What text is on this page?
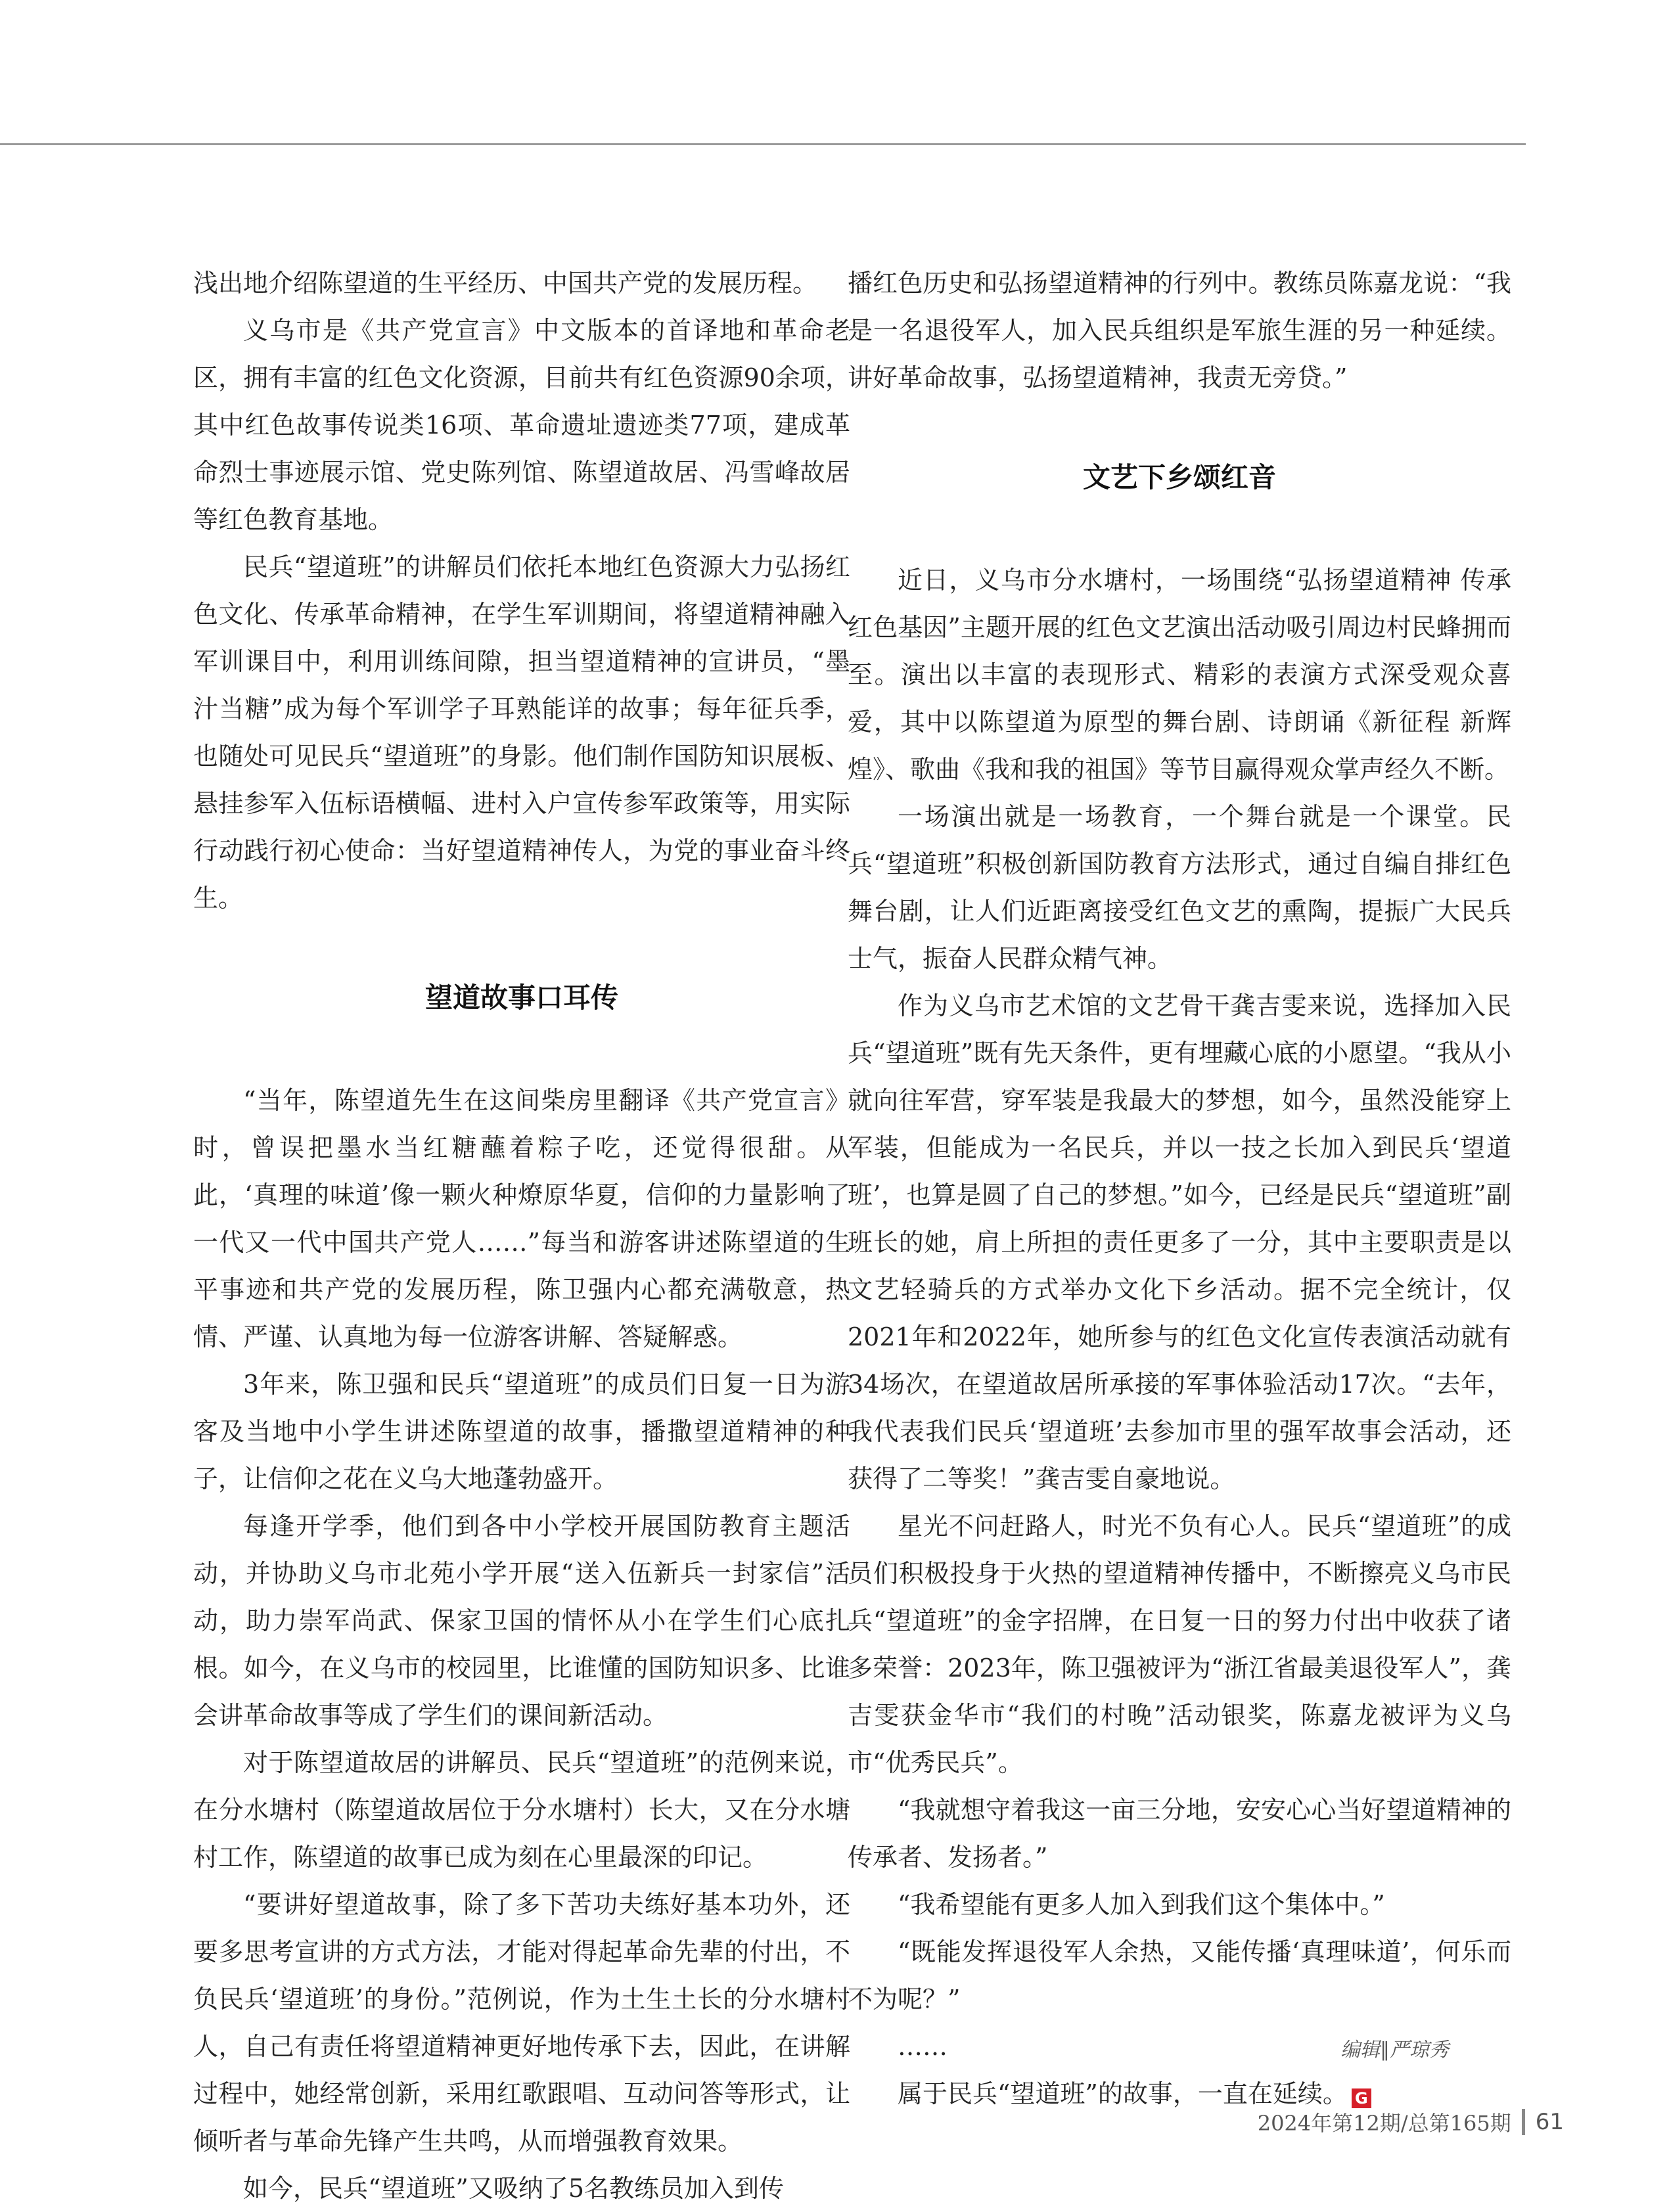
浅出地介绍陈望道的生平经历、中国共产党的发展历程。

义乌市是《共产党宣言》中文版本的首译地和革命老区，拥有丰富的红色文化资源，目前共有红色资源90余项，其中红色故事传说类16项、革命遗址遗迹类77项，建成革命烈士事迹展示馆、党史陈列馆、陈望道故居、冯雪峰故居等红色教育基地。

民兵“望道班”的讲解员们依托本地红色资源大力弘扬红色文化、传承革命精神，在学生军训期间，将望道精神融入军训课目中，利用训练间隙，担当望道精神的宣讲员，“墨汁当糖”成为每个军训学子耳熟能详的故事；每年征兵季，也随处可见民兵“望道班”的身影。他们制作国防知识展板、悬挂参军入伍标语横幅、进村入户宣传参军政策等，用实际行动践行初心使命：当好望道精神传人，为党的事业奋斗终生。

望道故事口耳传

“当年，陈望道先生在这间柴房里翻译《共产党宣言》时，曾误把墨水当红糖蘸着粽子吃，还觉得很甜。从此，‘真理的味道’像一颗火种燎原华夏，信仰的力量影响了一代又一代中国共产党人……”每当和游客讲述陈望道的生平事迹和共产党的发展历程，陈卫强内心都充满敬意，热情、严谨、认真地为每一位游客讲解、答疑解惑。

3年来，陈卫强和民兵“望道班”的成员们日复一日为游客及当地中小学生讲述陈望道的故事，播撒望道精神的种子，让信仰之花在义乌大地蓬勃盛开。

每逢开学季，他们到各中小学校开展国防教育主题活动，并协助义乌市北苑小学开展“送入伍新兵一封家信”活动，助力崇军尚武、保家卫国的情怀从小在学生们心底扎根。如今，在义乌市的校园里，比谁懂的国防知识多、比谁会讲革命故事等成了学生们的课间新活动。

对于陈望道故居的讲解员、民兵“望道班”的范例来说，在分水塘村（陈望道故居位于分水塘村）长大，又在分水塘村工作，陈望道的故事已成为刻在心里最深的印记。

“要讲好望道故事，除了多下苦功夫练好基本功外，还要多思考宣讲的方式方法，才能对得起革命先辈的付出，不负民兵‘望道班’的身份。”范例说，作为土生土长的分水塘村人，自己有责任将望道精神更好地传承下去，因此，在讲解过程中，她经常创新，采用红歌跟唱、互动问答等形式，让倾听者与革命先锋产生共鸣，从而增强教育效果。

如今，民兵“望道班”又吸纳了5名教练员加入到传

播红色历史和弘扬望道精神的行列中。教练员陈嘉龙说：“我是一名退役军人，加入民兵组织是军旅生涯的另一种延续。讲好革命故事，弘扬望道精神，我责无旁贷。”

文艺下乡颂红音

近日，义乌市分水塘村，一场围绕“弘扬望道精神 传承红色基因”主题开展的红色文艺演出活动吸引周边村民蜂拥而至。演出以丰富的表现形式、精彩的表演方式深受观众喜爱，其中以陈望道为原型的舞台剧、诗朗诵《新征程 新辉煌》、歌曲《我和我的祖国》等节目赢得观众掌声经久不断。

一场演出就是一场教育，一个舞台就是一个课堂。民兵“望道班”积极创新国防教育方法形式，通过自编自排红色舞台剧，让人们近距离接受红色文艺的熏陶，提振广大民兵士气，振奋人民群众精气神。

作为义乌市艺术馆的文艺骨干龚吉雯来说，选择加入民兵“望道班”既有先天条件，更有埋藏心底的小愿望。“我从小就向往军营，穿军装是我最大的梦想，如今，虽然没能穿上军装，但能成为一名民兵，并以一技之长加入到民兵‘望道班’，也算是圆了自己的梦想。”如今，已经是民兵“望道班”副班长的她，肩上所担的责任更多了一分，其中主要职责是以文艺轻骑兵的方式举办文化下乡活动。据不完全统计，仅2021年和2022年，她所参与的红色文化宣传表演活动就有34场次，在望道故居所承接的军事体验活动17次。“去年，我代表我们民兵‘望道班’去参加市里的强军故事会活动，还获得了二等奖！”龚吉雯自豪地说。

星光不问赶路人，时光不负有心人。民兵“望道班”的成员们积极投身于火热的望道精神传播中，不断擦亮义乌市民兵“望道班”的金字招牌，在日复一日的努力付出中收获了诸多荣誉：2023年，陈卫强被评为“浙江省最美退役军人”，龚吉雯获金华市“我们的村晚”活动银奖，陈嘉龙被评为义乌市“优秀民兵”。

“我就想守着我这一亩三分地，安安心心当好望道精神的传承者、发扬者。”

“我希望能有更多人加入到我们这个集体中。”

“既能发挥退役军人余热，又能传播‘真理味道’，何乐而不为呢？”

……

属于民兵“望道班”的故事，一直在延续。 G

编辑∥严琼秀
2024年第12期/总第165期 61
